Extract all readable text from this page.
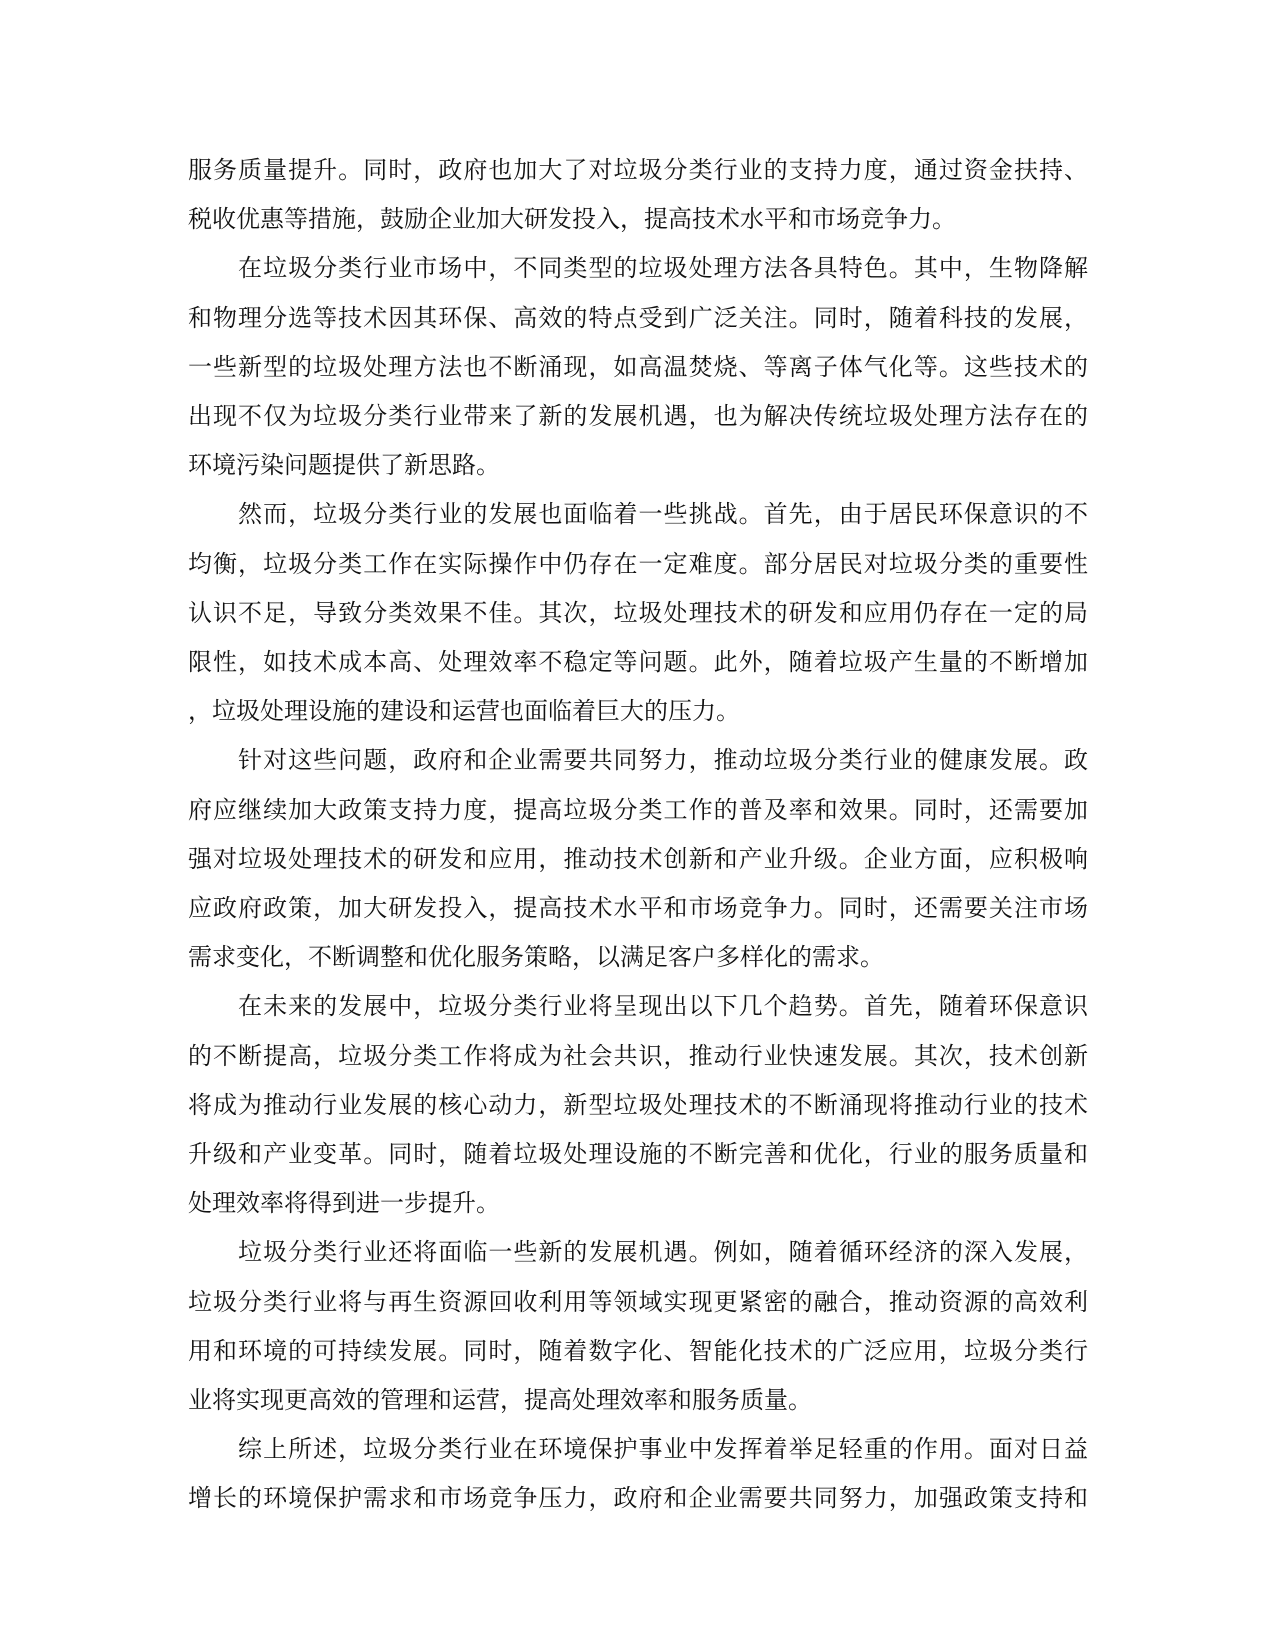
服务质量提升。同时，政府也加大了对垃圾分类行业的支持力度，通过资金扶持、
税收优惠等措施，鼓励企业加大研发投入，提高技术水平和市场竞争力。
　　在垃圾分类行业市场中，不同类型的垃圾处理方法各具特色。其中，生物降解
和物理分选等技术因其环保、高效的特点受到广泛关注。同时，随着科技的发展，
一些新型的垃圾处理方法也不断涌现，如高温焚烧、等离子体气化等。这些技术的
出现不仅为垃圾分类行业带来了新的发展机遇，也为解决传统垃圾处理方法存在的
环境污染问题提供了新思路。
　　然而，垃圾分类行业的发展也面临着一些挑战。首先，由于居民环保意识的不
均衡，垃圾分类工作在实际操作中仍存在一定难度。部分居民对垃圾分类的重要性
认识不足，导致分类效果不佳。其次，垃圾处理技术的研发和应用仍存在一定的局
限性，如技术成本高、处理效率不稳定等问题。此外，随着垃圾产生量的不断增加
，垃圾处理设施的建设和运营也面临着巨大的压力。
　　针对这些问题，政府和企业需要共同努力，推动垃圾分类行业的健康发展。政
府应继续加大政策支持力度，提高垃圾分类工作的普及率和效果。同时，还需要加
强对垃圾处理技术的研发和应用，推动技术创新和产业升级。企业方面，应积极响
应政府政策，加大研发投入，提高技术水平和市场竞争力。同时，还需要关注市场
需求变化，不断调整和优化服务策略，以满足客户多样化的需求。
　　在未来的发展中，垃圾分类行业将呈现出以下几个趋势。首先，随着环保意识
的不断提高，垃圾分类工作将成为社会共识，推动行业快速发展。其次，技术创新
将成为推动行业发展的核心动力，新型垃圾处理技术的不断涌现将推动行业的技术
升级和产业变革。同时，随着垃圾处理设施的不断完善和优化，行业的服务质量和
处理效率将得到进一步提升。
　　垃圾分类行业还将面临一些新的发展机遇。例如，随着循环经济的深入发展，
垃圾分类行业将与再生资源回收利用等领域实现更紧密的融合，推动资源的高效利
用和环境的可持续发展。同时，随着数字化、智能化技术的广泛应用，垃圾分类行
业将实现更高效的管理和运营，提高处理效率和服务质量。
　　综上所述，垃圾分类行业在环境保护事业中发挥着举足轻重的作用。面对日益
增长的环境保护需求和市场竞争压力，政府和企业需要共同努力，加强政策支持和
